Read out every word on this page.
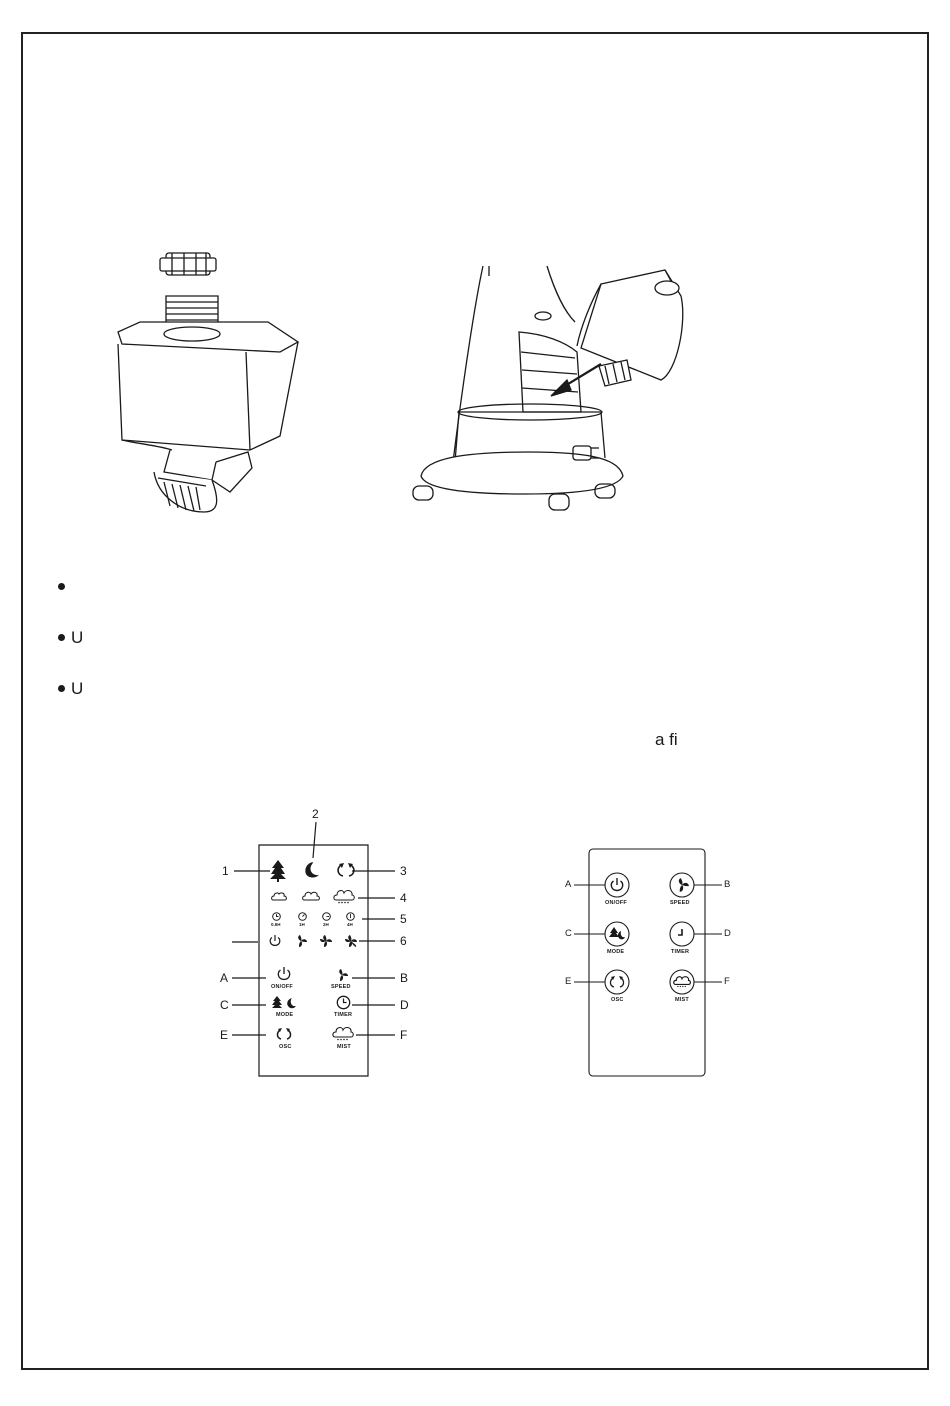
U
U
a fi
2
1	3
4
0.5H	1H	2H	4H	5
6
ON/OFF	SPEED
MODE	TIMER
OSC	MIST
A	B
C	D
E	F
ON/OFF	SPEED
MODE	TIMER
OSC	MIST
A	B
C	D
E	F
